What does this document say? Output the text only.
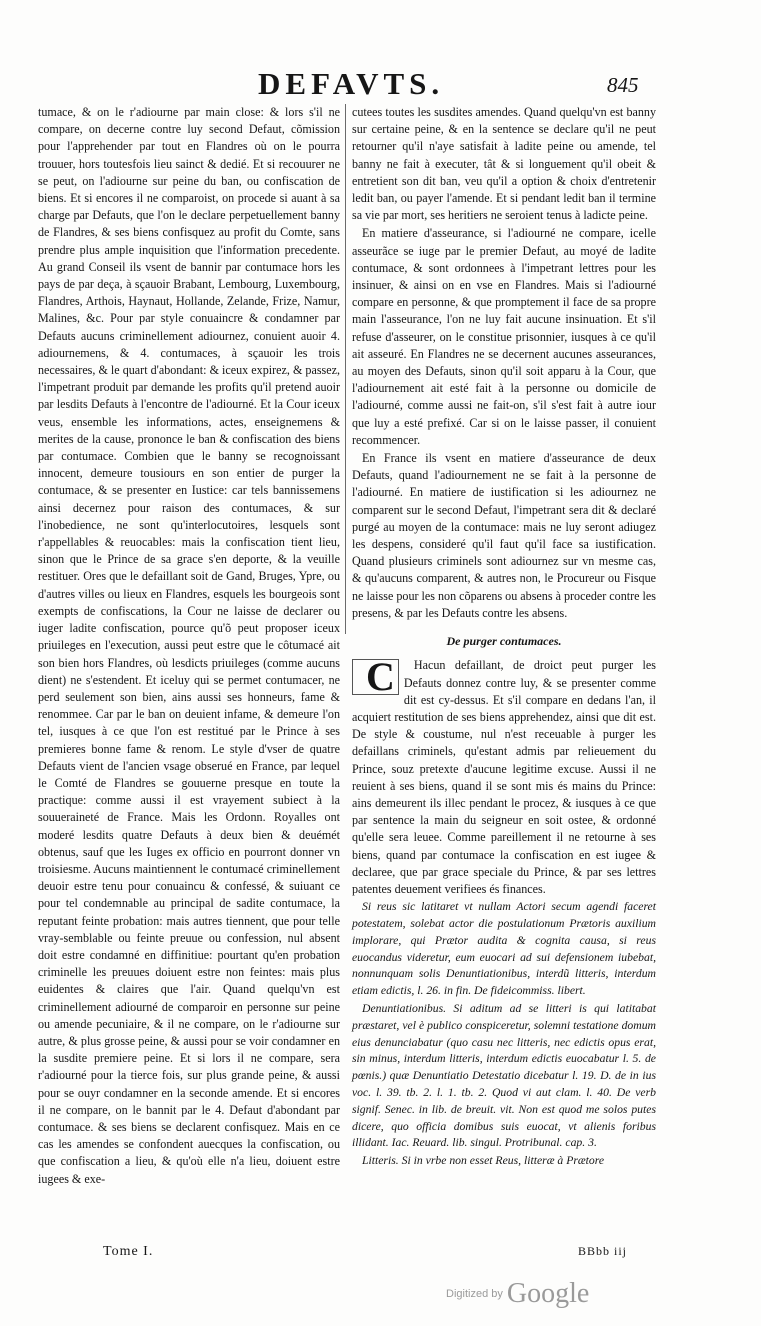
DEFAVTS.	845

tumace, & on le r'adiourne par main close: & lors s'il ne compare, on decerne contre luy second Defaut, cõmission pour l'apprehender par tout en Flandres où on le pourra trouuer, hors toutesfois lieu sainct & dedié. Et si recouurer ne se peut, on l'adiourne sur peine du ban, ou confiscation de biens. Et si encores il ne comparoist, on procede si auant à sa charge par Defauts, que l'on le declare perpetuellement banny de Flandres, & ses biens confisquez au profit du Comte, sans prendre plus ample inquisition que l'information precedente. Au grand Conseil ils vsent de bannir par contumace hors les pays de par deça, à sçauoir Brabant, Lembourg, Luxembourg, Flandres, Arthois, Haynaut, Hollande, Zelande, Frize, Namur, Malines, &c. Pour par style conuaincre & condamner par Defauts aucuns criminellement adiournez, conuient auoir 4. adiournemens, & 4. contumaces, à sçauoir les trois necessaires, & le quart d'abondant: & iceux expirez, & passez, l'impetrant produit par demande les profits qu'il pretend auoir par lesdits Defauts à l'encontre de l'adiourné. Et la Cour iceux veus, ensemble les informations, actes, enseignemens & merites de la cause, prononce le ban & confiscation des biens par contumace. Combien que le banny se recognoissant innocent, demeure tousiours en son entier de purger la contumace, & se presenter en Iustice: car tels bannissemens ainsi decernez pour raison des contumaces, & sur l'inobedience, ne sont qu'interlocutoires, lesquels sont r'appellables & reuocables: mais la confiscation tient lieu, sinon que le Prince de sa grace s'en deporte, & la veuille restituer. Ores que le defaillant soit de Gand, Bruges, Ypre, ou d'autres villes ou lieux en Flandres, esquels les bourgeois sont exempts de confiscations, la Cour ne laisse de declarer ou iuger ladite confiscation, pource qu'õ peut proposer iceux priuileges en l'execution, aussi peut estre que le côtumacé ait son bien hors Flandres, où lesdicts priuileges (comme aucuns dient) ne s'estendent. Et iceluy qui se permet contumacer, ne perd seulement son bien, ains aussi ses honneurs, fame & renommee. Car par le ban on deuient infame, & demeure l'on tel, iusques à ce que l'on est restitué par le Prince à ses premieres bonne fame & renom. Le style d'vser de quatre Defauts vient de l'ancien vsage obserué en France, par lequel le Comté de Flandres se gouuerne presque en toute la practique: comme aussi il est vrayement subiect à la souueraineté de France. Mais les Ordonn. Royalles ont moderé lesdits quatre Defauts à deux bien & deuémét obtenus, sauf que les Iuges ex officio en pourront donner vn troisiesme. Aucuns maintiennent le contumacé criminellement deuoir estre tenu pour conuaincu & confessé, & suiuant ce pour tel condemnable au principal de sadite contumace, la reputant feinte probation: mais autres tiennent, que pour telle vray-semblable ou feinte preuue ou confession, nul absent doit estre condamné en diffinitiue: pourtant qu'en probation criminelle les preuues doiuent estre non feintes: mais plus euidentes & claires que l'air. Quand quelqu'vn est criminellement adiourné de comparoir en personne sur peine ou amende pecuniaire, & il ne compare, on le r'adiourne sur autre, & plus grosse peine, & aussi pour se voir condamner en la susdite premiere peine. Et si lors il ne compare, sera r'adiourné pour la tierce fois, sur plus grande peine, & aussi pour se ouyr condamner en la seconde amende. Et si encores il ne compare, on le bannit par le 4. Defaut d'abondant par contumace. & ses biens se declarent confisquez. Mais en ce cas les amendes se confondent auecques la confiscation, ou que confiscation a lieu, & qu'où elle n'a lieu, doiuent estre iugees & exe-

cutees toutes les susdites amendes. Quand quelqu'vn est banny sur certaine peine, & en la sentence se declare qu'il ne peut retourner qu'il n'aye satisfait à ladite peine ou amende, tel banny ne fait à executer, tât & si longuement qu'il obeit & entretient son dit ban, veu qu'il a option & choix d'entretenir ledit ban, ou payer l'amende. Et si pendant ledit ban il termine sa vie par mort, ses heritiers ne seroient tenus à ladicte peine.

En matiere d'asseurance, si l'adiourné ne compare, icelle asseurãce se iuge par le premier Defaut, au moyé de ladite contumace, & sont ordonnees à l'impetrant lettres pour les insinuer, & ainsi on en vse en Flandres. Mais si l'adiourné compare en personne, & que promptement il face de sa propre main l'asseurance, l'on ne luy fait aucune insinuation. Et s'il refuse d'asseurer, on le constitue prisonnier, iusques à ce qu'il ait asseuré. En Flandres ne se decernent aucunes asseurances, au moyen des Defauts, sinon qu'il soit apparu à la Cour, que l'adiournement ait esté fait à la personne ou domicile de l'adiourné, comme aussi ne fait-on, s'il s'est fait à autre iour que luy a esté prefixé. Car si on le laisse passer, il conuient recommencer.

En France ils vsent en matiere d'asseurance de deux Defauts, quand l'adiournement ne se fait à la personne de l'adiourné. En matiere de iustification si les adiournez ne comparent sur le second Defaut, l'impetrant sera dit & declaré purgé au moyen de la contumace: mais ne luy seront adiugez les despens, consideré qu'il faut qu'il face sa iustification. Quand plusieurs criminels sont adiournez sur vn mesme cas, & qu'aucuns comparent, & autres non, le Procureur ou Fisque ne laisse pour les non cõparens ou absens à proceder contre les presens, & par les Defauts contre les absens.

De purger contumaces.

C	Hacun defaillant, de droict peut purger les Defauts donnez contre luy, & se presenter comme dit est cy-dessus. Et s'il compare en dedans l'an, il acquiert restitution de ses biens apprehendez, ainsi que dit est. De style & coustume, nul n'est receuable à purger les defaillans criminels, qu'estant admis par relieuement du Prince, souz pretexte d'aucune legitime excuse. Aussi il ne reuient à ses biens, quand il se sont mis és mains du Prince: ains demeurent ils illec pendant le procez, & iusques à ce que par sentence la main du seigneur en soit ostee, & ordonné qu'elle sera leuee. Comme pareillement il ne retourne à ses biens, quand par contumace la confiscation en est iugee & declaree, que par grace speciale du Prince, & par ses lettres patentes deuement verifiees és finances.

Si reus sic latitaret vt nullam Actori secum agendi faceret potestatem, solebat actor die postulationum Prætoris auxilium implorare, qui Prætor audita & cognita causa, si reus euocandus videretur, eum euocari ad sui defensionem iubebat, nonnunquam solis Denuntiationibus, interdũ litteris, interdum etiam edictis, l. 26. in fin. De fideicommiss. libert.

Denuntiationibus. Si aditum ad se litteri is qui latitabat præstaret, vel è publico conspiceretur, solemni testatione domum eius denunciabatur (quo casu nec litteris, nec edictis opus erat, sin minus, interdum litteris, interdum edictis euocabatur l. 5. de pœnis.) quæ Denuntiatio Detestatio dicebatur l. 19. D. de in ius voc. l. 39. tb. 2. l. 1. tb. 2. Quod vi aut clam. l. 40. De verb signif. Senec. in lib. de breuit. vit. Non est quod me solos putes dicere, quo officia domibus suis euocat, vt alienis foribus illidant. Iac. Reuard. lib. singul. Protribunal. cap. 3.

Litteris. Si in vrbe non esset Reus, litteræ à Prætore

Tome I.	BBbb iij
$^{Digitized by}$ Google
